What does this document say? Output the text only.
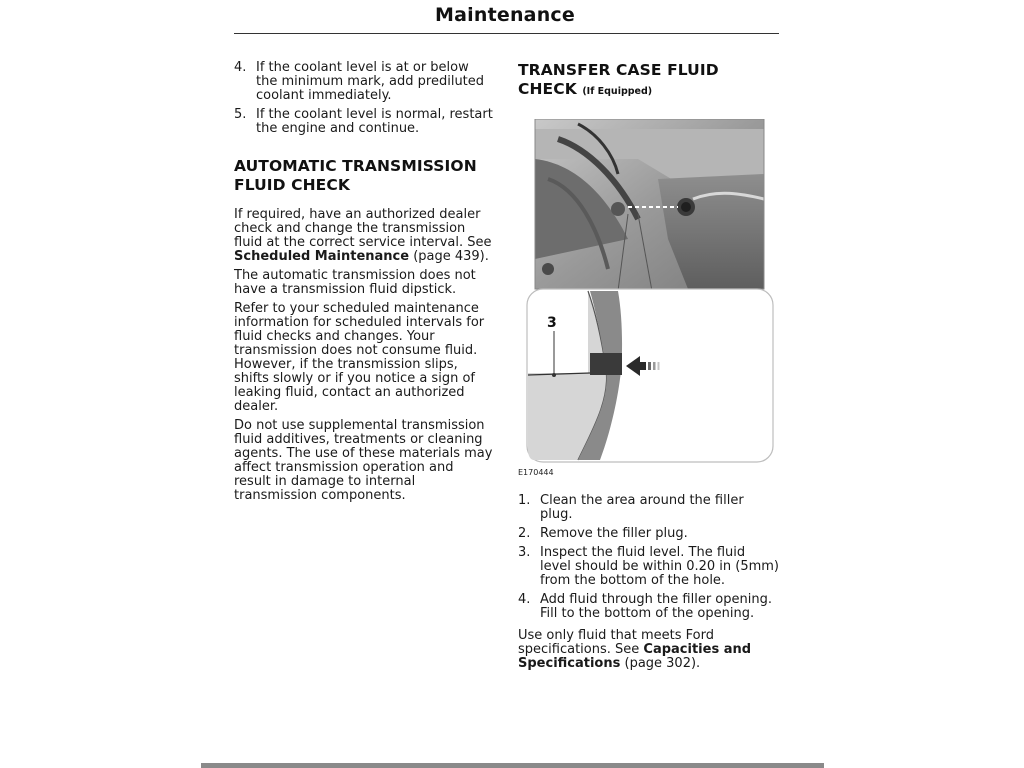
Maintenance
4. If the coolant level is at or below the minimum mark, add prediluted coolant immediately.
5. If the coolant level is normal, restart the engine and continue.
AUTOMATIC TRANSMISSION FLUID CHECK

If required, have an authorized dealer check and change the transmission fluid at the correct service interval. See Scheduled Maintenance (page 439).

The automatic transmission does not have a transmission fluid dipstick.

Refer to your scheduled maintenance information for scheduled intervals for fluid checks and changes. Your transmission does not consume fluid. However, if the transmission slips, shifts slowly or if you notice a sign of leaking fluid, contact an authorized dealer.

Do not use supplemental transmission fluid additives, treatments or cleaning agents. The use of these materials may affect transmission operation and result in damage to internal transmission components.

TRANSFER CASE FLUID
CHECK (If Equipped)
3
E170444
1. Clean the area around the filler plug.
2. Remove the filler plug.
3. Inspect the fluid level. The fluid level should be within 0.20 in (5mm) from the bottom of the hole.
4. Add fluid through the filler opening. Fill to the bottom of the opening.

Use only fluid that meets Ford specifications. See Capacities and Specifications (page 302).
